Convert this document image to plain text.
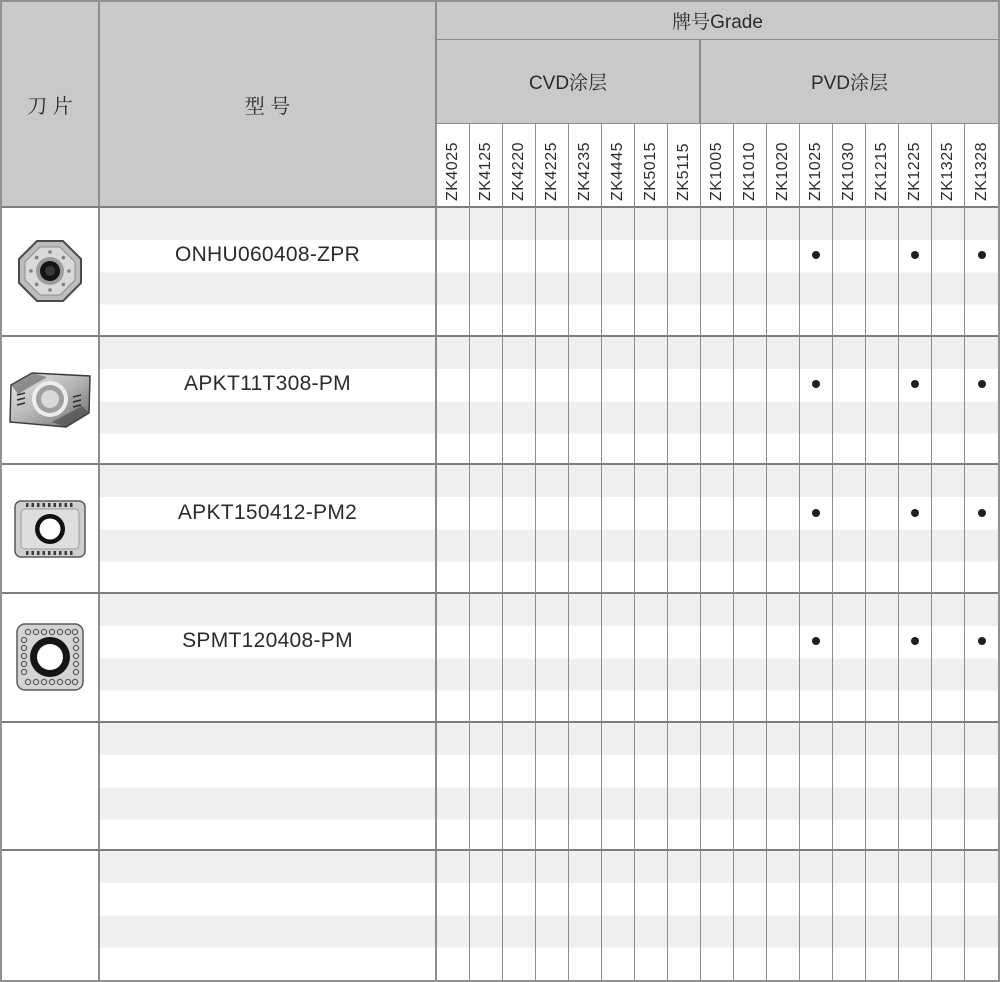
刀 片	型 号
牌号Grade
CVD涂层	PVD涂层
ONHU060408-ZPR
APKT11T308-PM
APKT150412-PM2
SPMT120408-PM
ZK4025 ZK4125 ZK4220 ZK4225 ZK4235 ZK4445 ZK5015 ZK5115 ZK1005 ZK1010 ZK1020 ZK1025 ZK1030 ZK1215 ZK1225 ZK1325 ZK1328
